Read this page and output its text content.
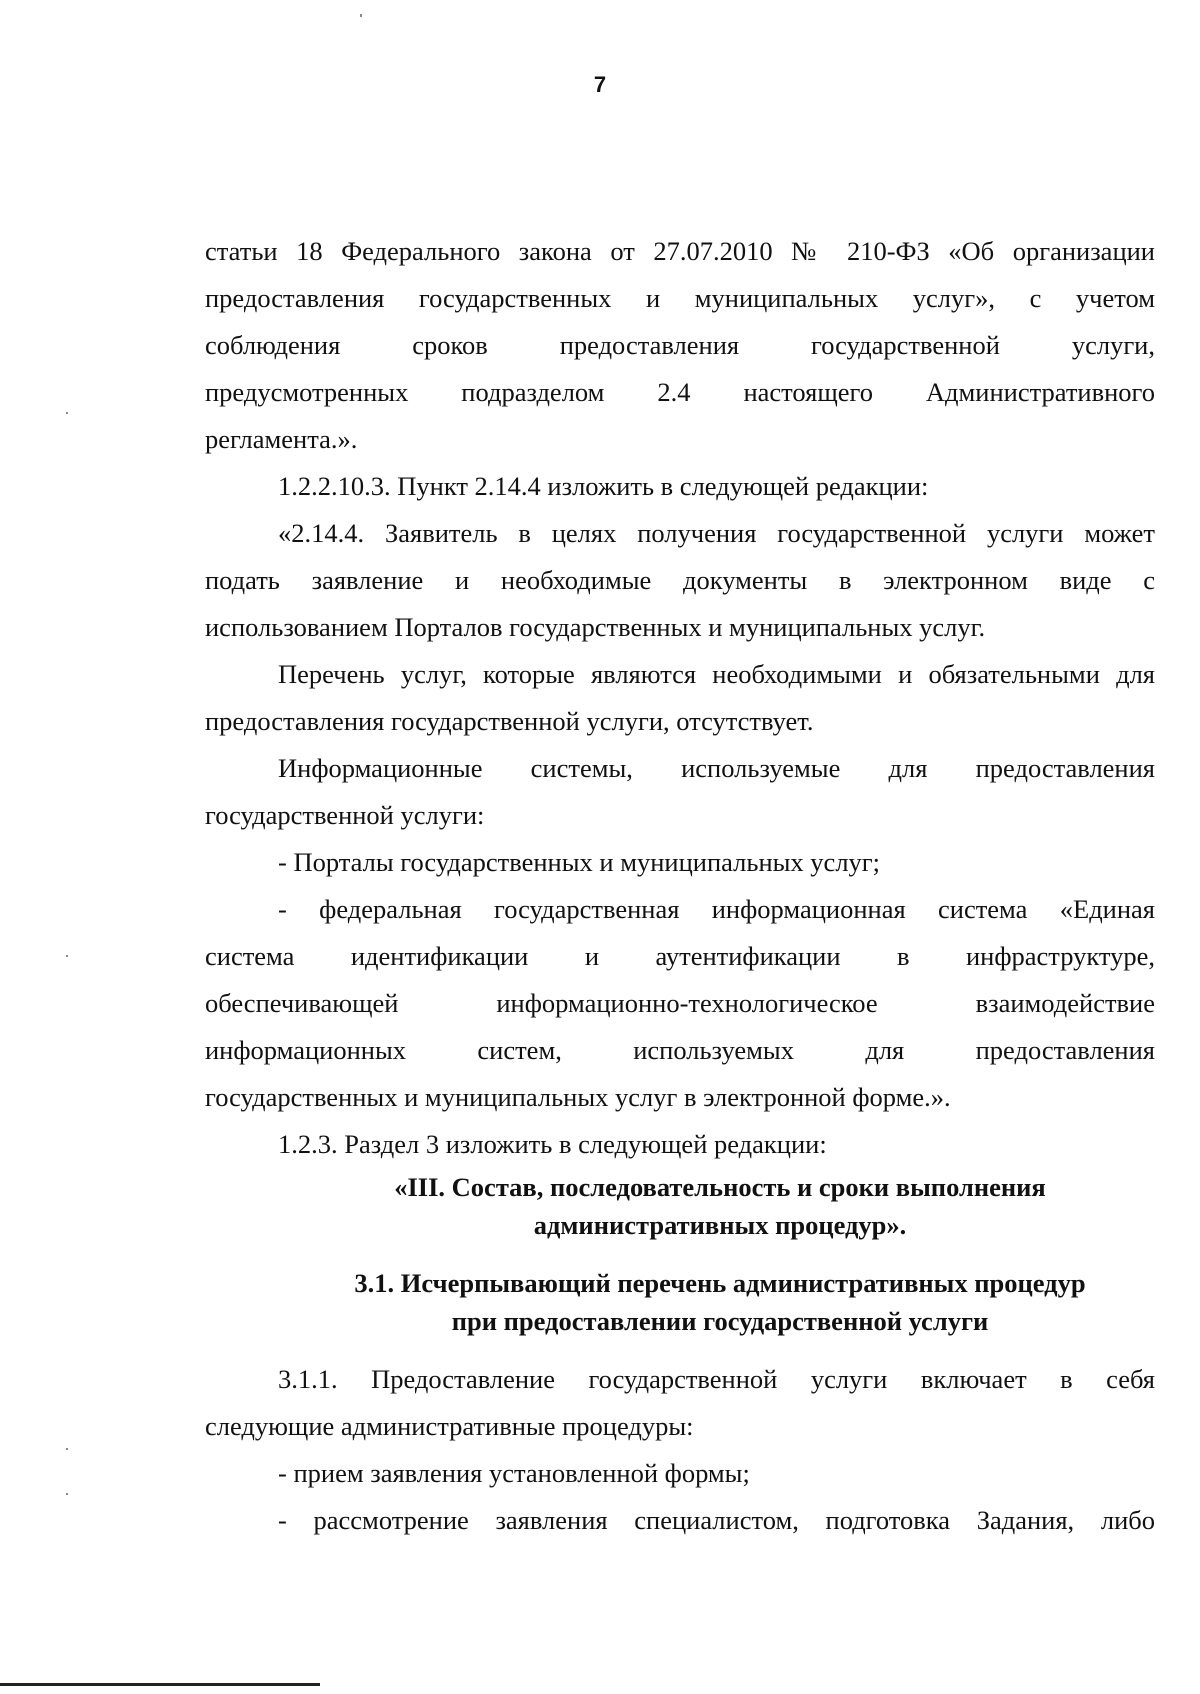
7
статьи 18 Федерального закона от 27.07.2010 № 210-ФЗ «Об организации
предоставления государственных и муниципальных услуг», с учетом
соблюдения сроков предоставления государственной услуги,
предусмотренных подразделом 2.4 настоящего Административного
регламента.».
1.2.2.10.3. Пункт 2.14.4 изложить в следующей редакции:
«2.14.4. Заявитель в целях получения государственной услуги может
подать заявление и необходимые документы в электронном виде с
использованием Порталов государственных и муниципальных услуг.
Перечень услуг, которые являются необходимыми и обязательными для
предоставления государственной услуги, отсутствует.
Информационные системы, используемые для предоставления
государственной услуги:
- Порталы государственных и муниципальных услуг;
- федеральная государственная информационная система «Единая
система идентификации и аутентификации в инфраструктуре,
обеспечивающей информационно-технологическое взаимодействие
информационных систем, используемых для предоставления
государственных и муниципальных услуг в электронной форме.».
1.2.3. Раздел 3 изложить в следующей редакции:
«III. Состав, последовательность и сроки выполнения
административных процедур».
3.1. Исчерпывающий перечень административных процедур
при предоставлении государственной услуги
3.1.1. Предоставление государственной услуги включает в себя
следующие административные процедуры:
- прием заявления установленной формы;
- рассмотрение заявления специалистом, подготовка Задания, либо
